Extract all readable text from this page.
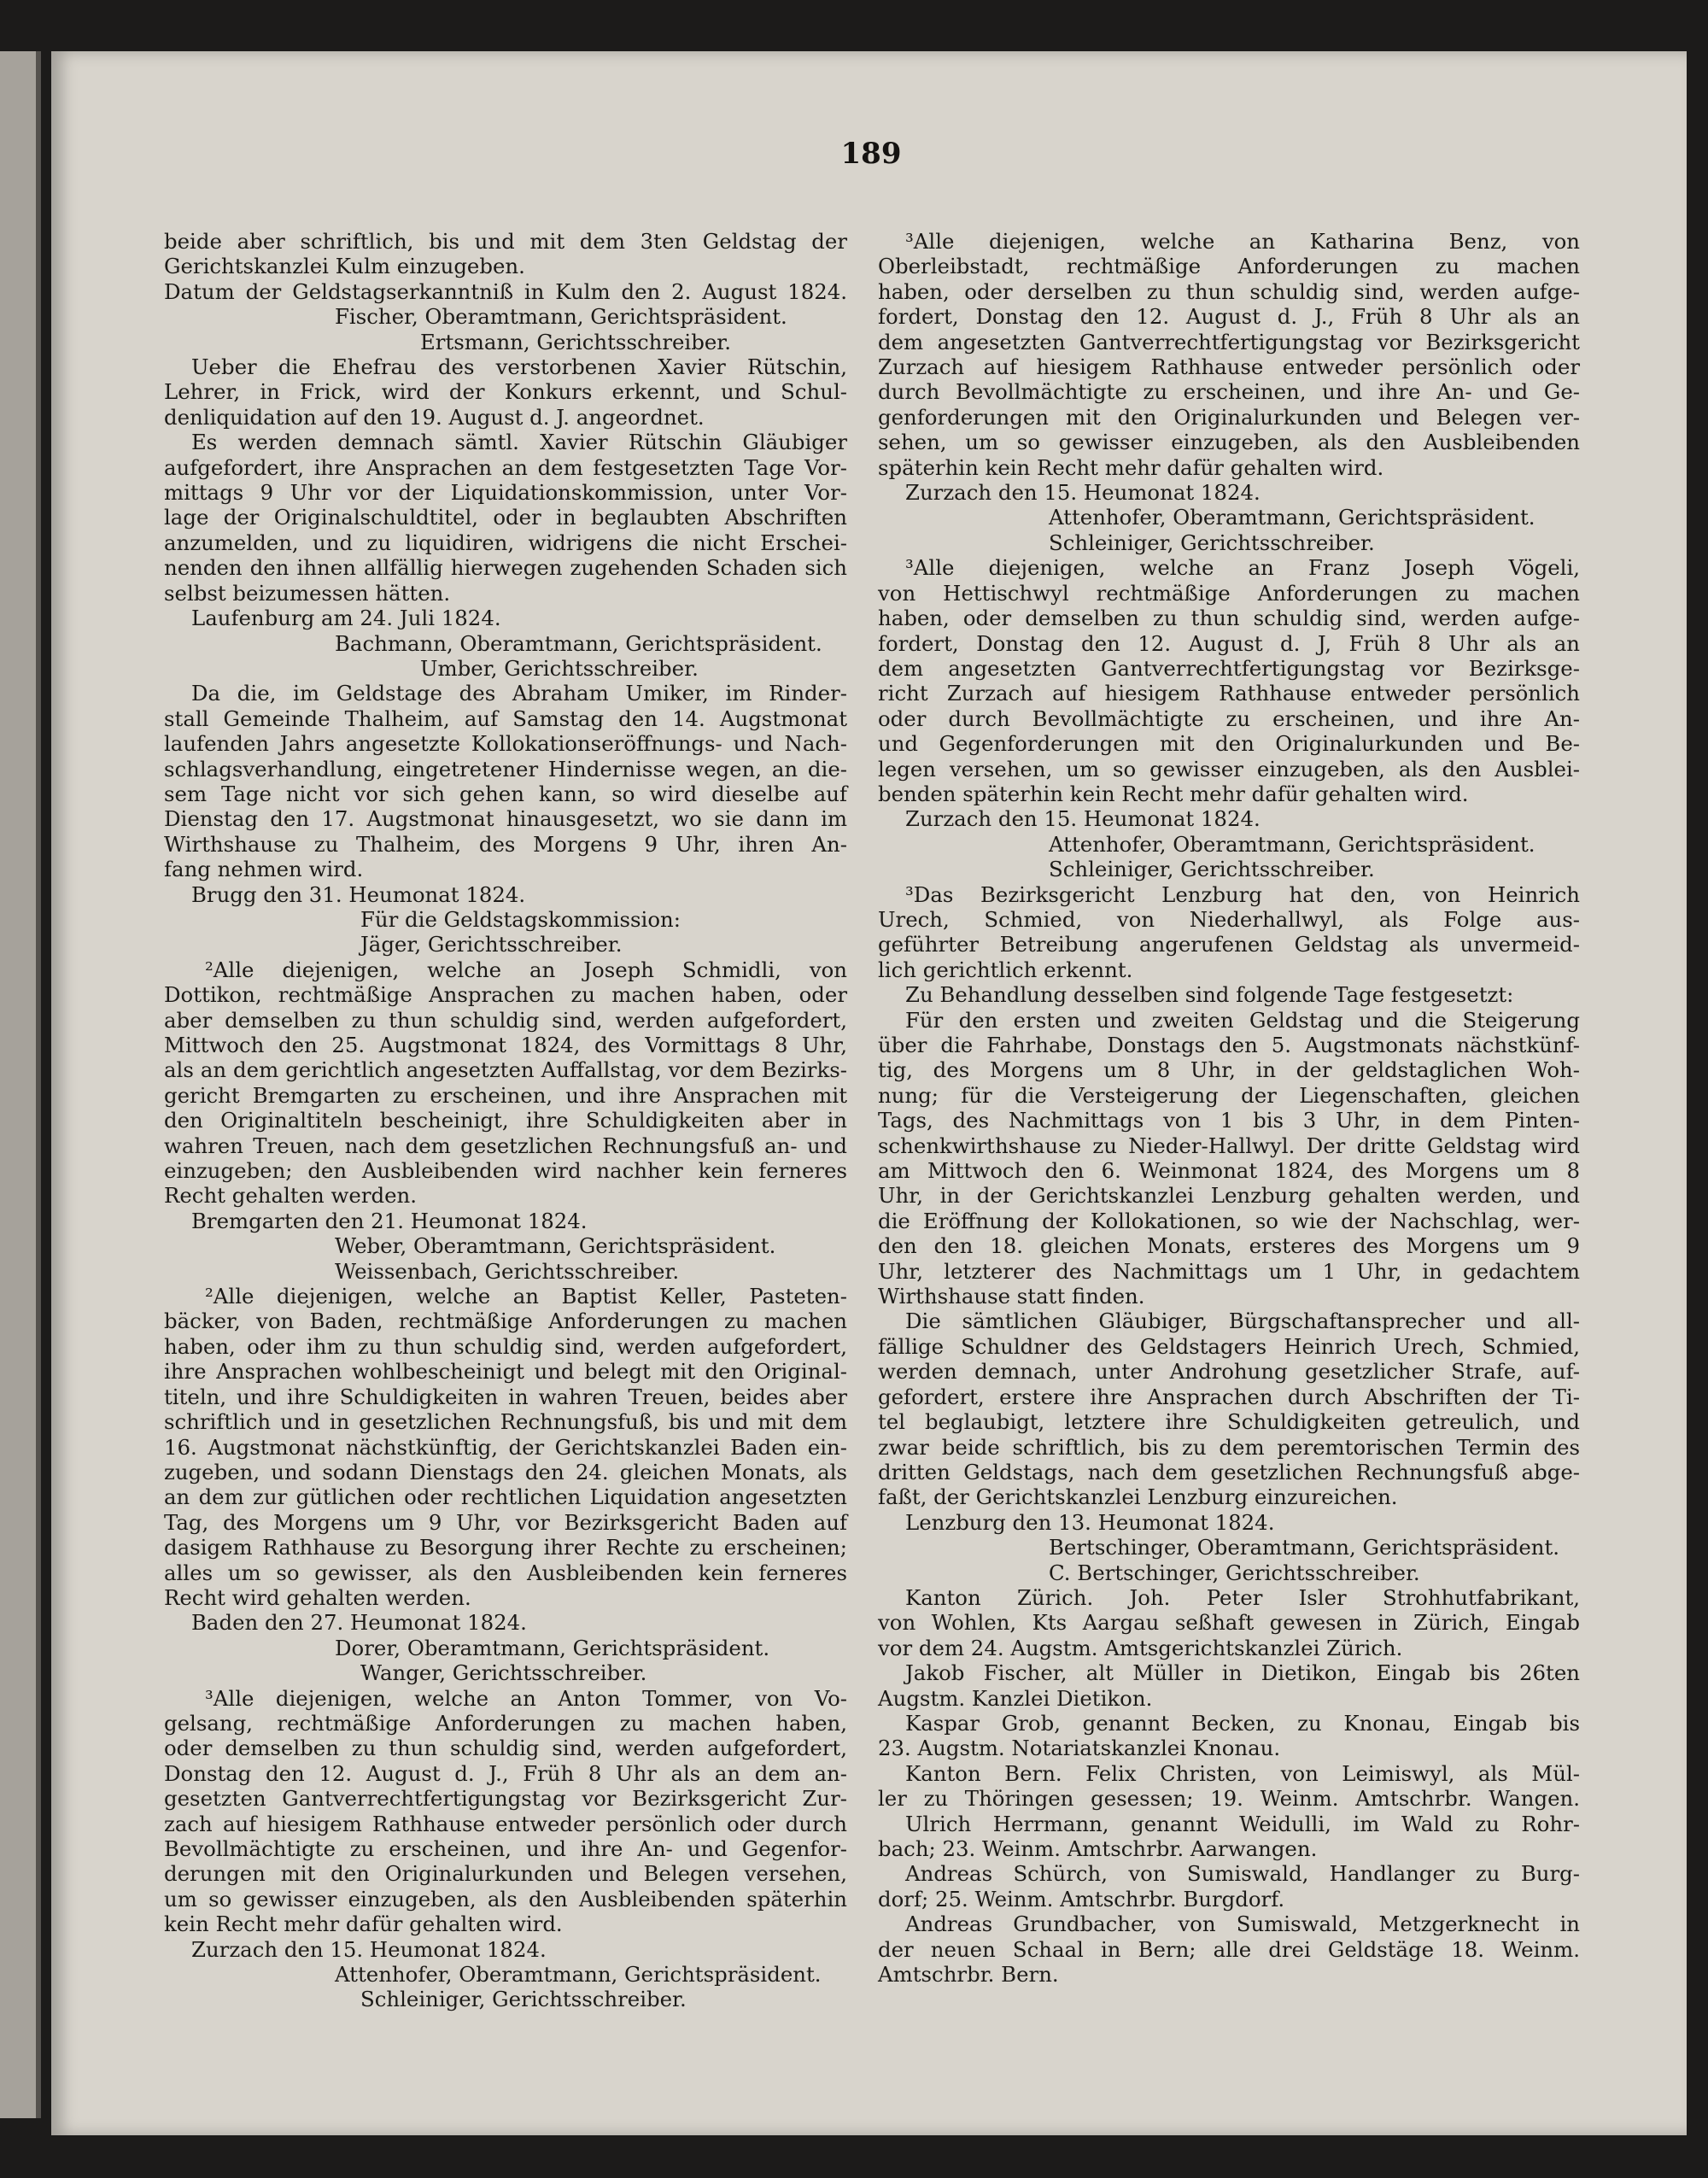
189

beide aber schriftlich, bis und mit dem 3ten Geldstag der

Gerichtskanzlei Kulm einzugeben.

Datum der Geldstagserkanntniß in Kulm den 2. August 1824.

Fischer, Oberamtmann, Gerichtspräsident.

Ertsmann, Gerichtsschreiber.

Ueber die Ehefrau des verstorbenen Xavier Rütschin,

Lehrer, in Frick, wird der Konkurs erkennt, und Schul-

denliquidation auf den 19. August d. J. angeordnet.

Es werden demnach sämtl. Xavier Rütschin Gläubiger

aufgefordert, ihre Ansprachen an dem festgesetzten Tage Vor-

mittags 9 Uhr vor der Liquidationskommission, unter Vor-

lage der Originalschuldtitel, oder in beglaubten Abschriften

anzumelden, und zu liquidiren, widrigens die nicht Erschei-

nenden den ihnen allfällig hierwegen zugehenden Schaden sich

selbst beizumessen hätten.

Laufenburg am 24. Juli 1824.

Bachmann, Oberamtmann, Gerichtspräsident.

Umber, Gerichtsschreiber.

Da die, im Geldstage des Abraham Umiker, im Rinder-

stall Gemeinde Thalheim, auf Samstag den 14. Augstmonat

laufenden Jahrs angesetzte Kollokationseröffnungs- und Nach-

schlagsverhandlung, eingetretener Hindernisse wegen, an die-

sem Tage nicht vor sich gehen kann, so wird dieselbe auf

Dienstag den 17. Augstmonat hinausgesetzt, wo sie dann im

Wirthshause zu Thalheim, des Morgens 9 Uhr, ihren An-

fang nehmen wird.

Brugg den 31. Heumonat 1824.

Für die Geldstagskommission:

Jäger, Gerichtsschreiber.

²Alle diejenigen, welche an Joseph Schmidli, von

Dottikon, rechtmäßige Ansprachen zu machen haben, oder

aber demselben zu thun schuldig sind, werden aufgefordert,

Mittwoch den 25. Augstmonat 1824, des Vormittags 8 Uhr,

als an dem gerichtlich angesetzten Auffallstag, vor dem Bezirks-

gericht Bremgarten zu erscheinen, und ihre Ansprachen mit

den Originaltiteln bescheinigt, ihre Schuldigkeiten aber in

wahren Treuen, nach dem gesetzlichen Rechnungsfuß an- und

einzugeben; den Ausbleibenden wird nachher kein ferneres

Recht gehalten werden.

Bremgarten den 21. Heumonat 1824.

Weber, Oberamtmann, Gerichtspräsident.

Weissenbach, Gerichtsschreiber.

²Alle diejenigen, welche an Baptist Keller, Pasteten-

bäcker, von Baden, rechtmäßige Anforderungen zu machen

haben, oder ihm zu thun schuldig sind, werden aufgefordert,

ihre Ansprachen wohlbescheinigt und belegt mit den Original-

titeln, und ihre Schuldigkeiten in wahren Treuen, beides aber

schriftlich und in gesetzlichen Rechnungsfuß, bis und mit dem

16. Augstmonat nächstkünftig, der Gerichtskanzlei Baden ein-

zugeben, und sodann Dienstags den 24. gleichen Monats, als

an dem zur gütlichen oder rechtlichen Liquidation angesetzten

Tag, des Morgens um 9 Uhr, vor Bezirksgericht Baden auf

dasigem Rathhause zu Besorgung ihrer Rechte zu erscheinen;

alles um so gewisser, als den Ausbleibenden kein ferneres

Recht wird gehalten werden.

Baden den 27. Heumonat 1824.

Dorer, Oberamtmann, Gerichtspräsident.

Wanger, Gerichtsschreiber.

³Alle diejenigen, welche an Anton Tommer, von Vo-

gelsang, rechtmäßige Anforderungen zu machen haben,

oder demselben zu thun schuldig sind, werden aufgefordert,

Donstag den 12. August d. J., Früh 8 Uhr als an dem an-

gesetzten Gantverrechtfertigungstag vor Bezirksgericht Zur-

zach auf hiesigem Rathhause entweder persönlich oder durch

Bevollmächtigte zu erscheinen, und ihre An- und Gegenfor-

derungen mit den Originalurkunden und Belegen versehen,

um so gewisser einzugeben, als den Ausbleibenden späterhin

kein Recht mehr dafür gehalten wird.

Zurzach den 15. Heumonat 1824.

Attenhofer, Oberamtmann, Gerichtspräsident.

Schleiniger, Gerichtsschreiber.

³Alle diejenigen, welche an Katharina Benz, von

Oberleibstadt, rechtmäßige Anforderungen zu machen

haben, oder derselben zu thun schuldig sind, werden aufge-

fordert, Donstag den 12. August d. J., Früh 8 Uhr als an

dem angesetzten Gantverrechtfertigungstag vor Bezirksgericht

Zurzach auf hiesigem Rathhause entweder persönlich oder

durch Bevollmächtigte zu erscheinen, und ihre An- und Ge-

genforderungen mit den Originalurkunden und Belegen ver-

sehen, um so gewisser einzugeben, als den Ausbleibenden

späterhin kein Recht mehr dafür gehalten wird.

Zurzach den 15. Heumonat 1824.

Attenhofer, Oberamtmann, Gerichtspräsident.

Schleiniger, Gerichtsschreiber.

³Alle diejenigen, welche an Franz Joseph Vögeli,

von Hettischwyl rechtmäßige Anforderungen zu machen

haben, oder demselben zu thun schuldig sind, werden aufge-

fordert, Donstag den 12. August d. J, Früh 8 Uhr als an

dem angesetzten Gantverrechtfertigungstag vor Bezirksge-

richt Zurzach auf hiesigem Rathhause entweder persönlich

oder durch Bevollmächtigte zu erscheinen, und ihre An-

und Gegenforderungen mit den Originalurkunden und Be-

legen versehen, um so gewisser einzugeben, als den Ausblei-

benden späterhin kein Recht mehr dafür gehalten wird.

Zurzach den 15. Heumonat 1824.

Attenhofer, Oberamtmann, Gerichtspräsident.

Schleiniger, Gerichtsschreiber.

³Das Bezirksgericht Lenzburg hat den, von Heinrich

Urech, Schmied, von Niederhallwyl, als Folge aus-

geführter Betreibung angerufenen Geldstag als unvermeid-

lich gerichtlich erkennt.

Zu Behandlung desselben sind folgende Tage festgesetzt:

Für den ersten und zweiten Geldstag und die Steigerung

über die Fahrhabe, Donstags den 5. Augstmonats nächstkünf-

tig, des Morgens um 8 Uhr, in der geldstaglichen Woh-

nung; für die Versteigerung der Liegenschaften, gleichen

Tags, des Nachmittags von 1 bis 3 Uhr, in dem Pinten-

schenkwirthshause zu Nieder-Hallwyl. Der dritte Geldstag wird

am Mittwoch den 6. Weinmonat 1824, des Morgens um 8

Uhr, in der Gerichtskanzlei Lenzburg gehalten werden, und

die Eröffnung der Kollokationen, so wie der Nachschlag, wer-

den den 18. gleichen Monats, ersteres des Morgens um 9

Uhr, letzterer des Nachmittags um 1 Uhr, in gedachtem

Wirthshause statt finden.

Die sämtlichen Gläubiger, Bürgschaftansprecher und all-

fällige Schuldner des Geldstagers Heinrich Urech, Schmied,

werden demnach, unter Androhung gesetzlicher Strafe, auf-

gefordert, erstere ihre Ansprachen durch Abschriften der Ti-

tel beglaubigt, letztere ihre Schuldigkeiten getreulich, und

zwar beide schriftlich, bis zu dem peremtorischen Termin des

dritten Geldstags, nach dem gesetzlichen Rechnungsfuß abge-

faßt, der Gerichtskanzlei Lenzburg einzureichen.

Lenzburg den 13. Heumonat 1824.

Bertschinger, Oberamtmann, Gerichtspräsident.

C. Bertschinger, Gerichtsschreiber.

Kanton Zürich. Joh. Peter Isler Strohhutfabrikant,

von Wohlen, Kts Aargau seßhaft gewesen in Zürich, Eingab

vor dem 24. Augstm. Amtsgerichtskanzlei Zürich.

Jakob Fischer, alt Müller in Dietikon, Eingab bis 26ten

Augstm. Kanzlei Dietikon.

Kaspar Grob, genannt Becken, zu Knonau, Eingab bis

23. Augstm. Notariatskanzlei Knonau.

Kanton Bern. Felix Christen, von Leimiswyl, als Mül-

ler zu Thöringen gesessen; 19. Weinm. Amtschrbr. Wangen.

Ulrich Herrmann, genannt Weidulli, im Wald zu Rohr-

bach; 23. Weinm. Amtschrbr. Aarwangen.

Andreas Schürch, von Sumiswald, Handlanger zu Burg-

dorf; 25. Weinm. Amtschrbr. Burgdorf.

Andreas Grundbacher, von Sumiswald, Metzgerknecht in

der neuen Schaal in Bern; alle drei Geldstäge 18. Weinm.

Amtschrbr. Bern.
